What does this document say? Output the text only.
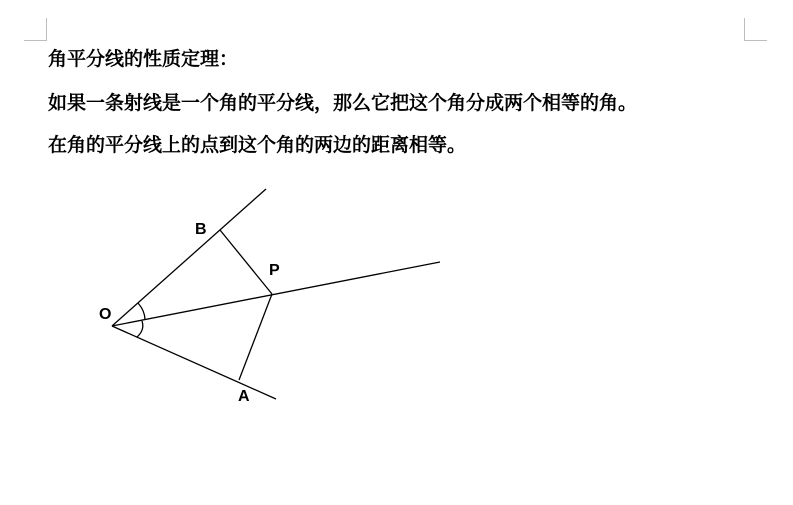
角平分线的性质定理：
如果一条射线是一个角的平分线，那么它把这个角分成两个相等的角。
在角的平分线上的点到这个角的两边的距离相等。
O
B
P
A
